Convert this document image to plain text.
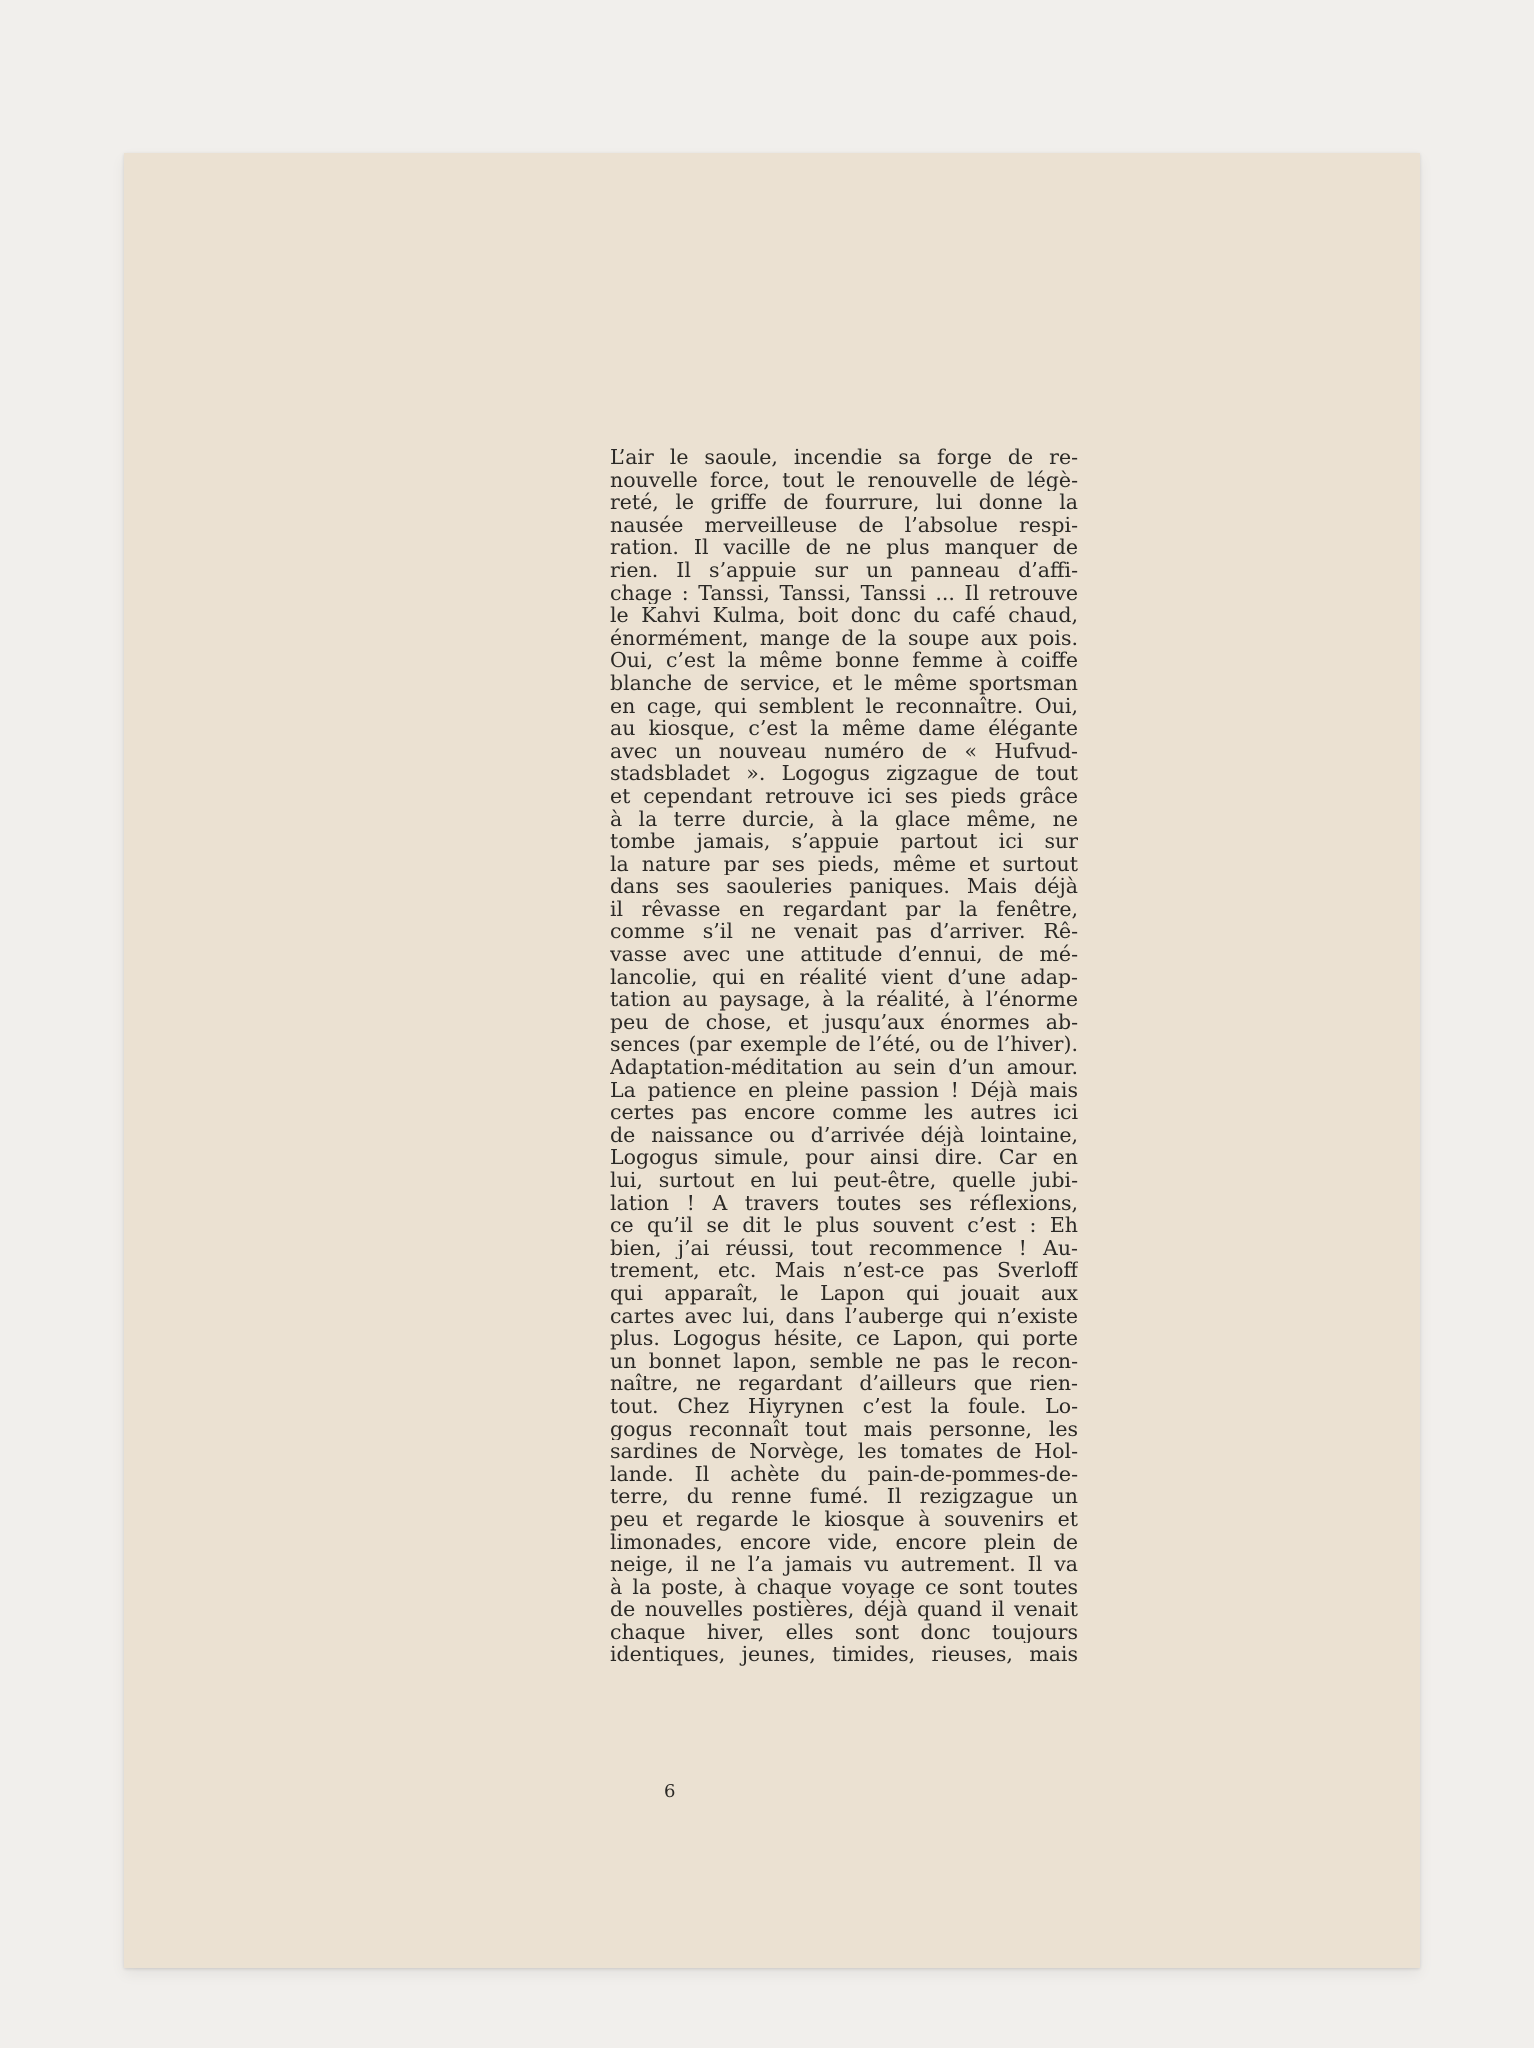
L’air le saoule, incendie sa forge de re-
nouvelle force, tout le renouvelle de légè-
reté, le griffe de fourrure, lui donne la
nausée merveilleuse de l’absolue respi-
ration. Il vacille de ne plus manquer de
rien. Il s’appuie sur un panneau d’affi-
chage : Tanssi, Tanssi, Tanssi ... Il retrouve
le Kahvi Kulma, boit donc du café chaud,
énormément, mange de la soupe aux pois.
Oui, c’est la même bonne femme à coiffe
blanche de service, et le même sportsman
en cage, qui semblent le reconnaître. Oui,
au kiosque, c’est la même dame élégante
avec un nouveau numéro de « Hufvud-
stadsbladet ». Logogus zigzague de tout
et cependant retrouve ici ses pieds grâce
à la terre durcie, à la glace même, ne
tombe jamais, s’appuie partout ici sur
la nature par ses pieds, même et surtout
dans ses saouleries paniques. Mais déjà
il rêvasse en regardant par la fenêtre,
comme s’il ne venait pas d’arriver. Rê-
vasse avec une attitude d’ennui, de mé-
lancolie, qui en réalité vient d’une adap-
tation au paysage, à la réalité, à l’énorme
peu de chose, et jusqu’aux énormes ab-
sences (par exemple de l’été, ou de l’hiver).
Adaptation-méditation au sein d’un amour.
La patience en pleine passion ! Déjà mais
certes pas encore comme les autres ici
de naissance ou d’arrivée déjà lointaine,
Logogus simule, pour ainsi dire. Car en
lui, surtout en lui peut-être, quelle jubi-
lation ! A travers toutes ses réflexions,
ce qu’il se dit le plus souvent c’est : Eh
bien, j’ai réussi, tout recommence ! Au-
trement, etc. Mais n’est-ce pas Sverloff
qui apparaît, le Lapon qui jouait aux
cartes avec lui, dans l’auberge qui n’existe
plus. Logogus hésite, ce Lapon, qui porte
un bonnet lapon, semble ne pas le recon-
naître, ne regardant d’ailleurs que rien-
tout. Chez Hiyrynen c’est la foule. Lo-
gogus reconnaît tout mais personne, les
sardines de Norvège, les tomates de Hol-
lande. Il achète du pain-de-pommes-de-
terre, du renne fumé. Il rezigzague un
peu et regarde le kiosque à souvenirs et
limonades, encore vide, encore plein de
neige, il ne l’a jamais vu autrement. Il va
à la poste, à chaque voyage ce sont toutes
de nouvelles postières, déjà quand il venait
chaque hiver, elles sont donc toujours
identiques, jeunes, timides, rieuses, mais
6
